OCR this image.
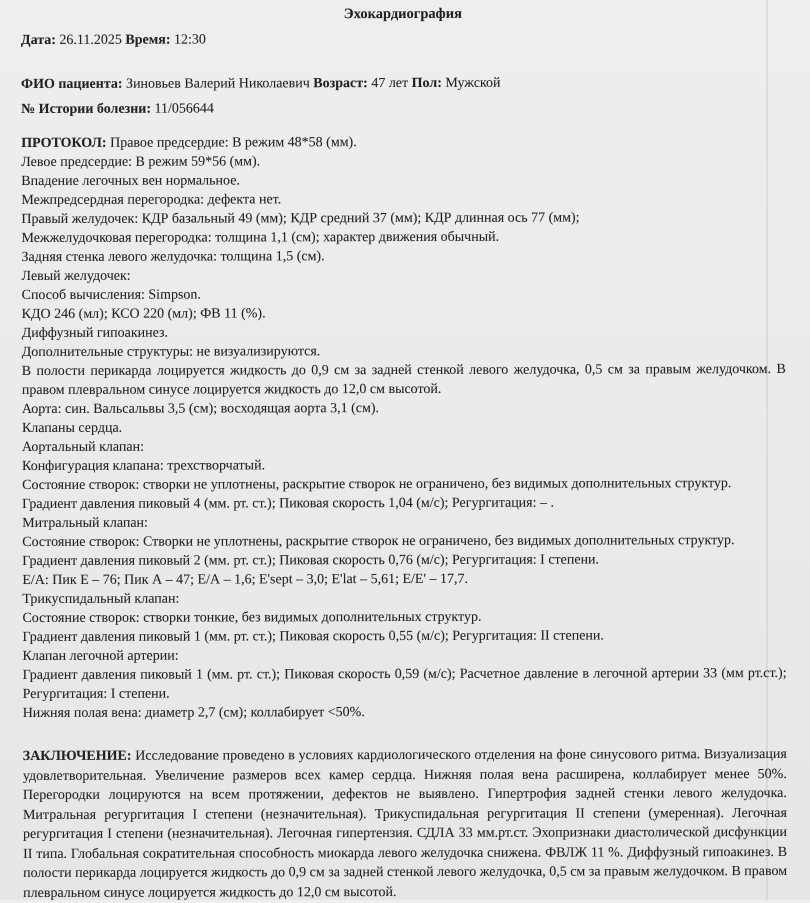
Эхокардиография
Дата: 26.11.2025 Время: 12:30
ФИО пациента: Зиновьев Валерий Николаевич Возраст: 47 лет Пол: Мужской
№ Истории болезни: 11/056644
ПРОТОКОЛ: Правое предсердие: В режим 48*58 (мм).
Левое предсердие: В режим 59*56 (мм).
Впадение легочных вен нормальное.
Межпредсердная перегородка: дефекта нет.
Правый желудочек: КДР базальный 49 (мм); КДР средний 37 (мм); КДР длинная ось 77 (мм);
Межжелудочковая перегородка: толщина 1,1 (см); характер движения обычный.
Задняя стенка левого желудочка: толщина 1,5 (см).
Левый желудочек:
Способ вычисления: Simpson.
КДО 246 (мл); КСО 220 (мл); ФВ 11 (%).
Диффузный гипоакинез.
Дополнительные структуры: не визуализируются.
В полости перикарда лоцируется жидкость до 0,9 см за задней стенкой левого желудочка, 0,5 см за правым желудочком. В правом плевральном синусе лоцируется жидкость до 12,0 см высотой.
Аорта: син. Вальсальвы 3,5 (см); восходящая аорта 3,1 (см).
Клапаны сердца.
Аортальный клапан:
Конфигурация клапана: трехстворчатый.
Состояние створок: створки не уплотнены, раскрытие створок не ограничено, без видимых дополнительных структур.
Градиент давления пиковый 4 (мм. рт. ст.); Пиковая скорость 1,04 (м/с); Регургитация: – .
Митральный клапан:
Состояние створок: Створки не уплотнены, раскрытие створок не ограничено, без видимых дополнительных структур.
Градиент давления пиковый 2 (мм. рт. ст.); Пиковая скорость 0,76 (м/с); Регургитация: I степени.
Е/А: Пик Е – 76; Пик А – 47; Е/А – 1,6; E'sept – 3,0; E'lat – 5,61; Е/Е' – 17,7.
Трикуспидальный клапан:
Состояние створок: створки тонкие, без видимых дополнительных структур.
Градиент давления пиковый 1 (мм. рт. ст.); Пиковая скорость 0,55 (м/с); Регургитация: II степени.
Клапан легочной артерии:
Градиент давления пиковый 1 (мм. рт. ст.); Пиковая скорость 0,59 (м/с); Расчетное давление в легочной артерии 33 (мм рт.ст.); Регургитация: I степени.
Нижняя полая вена: диаметр 2,7 (см); коллабирует <50%.
ЗАКЛЮЧЕНИЕ: Исследование проведено в условиях кардиологического отделения на фоне синусового ритма. Визуализация удовлетворительная. Увеличение размеров всех камер сердца. Нижняя полая вена расширена, коллабирует менее 50%. Перегородки лоцируются на всем протяжении, дефектов не выявлено. Гипертрофия задней стенки левого желудочка. Митральная регургитация I степени (незначительная). Трикуспидальная регургитация II степени (умеренная). Легочная регургитация I степени (незначительная). Легочная гипертензия. СДЛА 33 мм.рт.ст. Эхопризнаки диастолической дисфункции II типа. Глобальная сократительная способность миокарда левого желудочка снижена. ФВЛЖ 11 %. Диффузный гипоакинез. В полости перикарда лоцируется жидкость до 0,9 см за задней стенкой левого желудочка, 0,5 см за правым желудочком. В правом плевральном синусе лоцируется жидкость до 12,0 см высотой.
